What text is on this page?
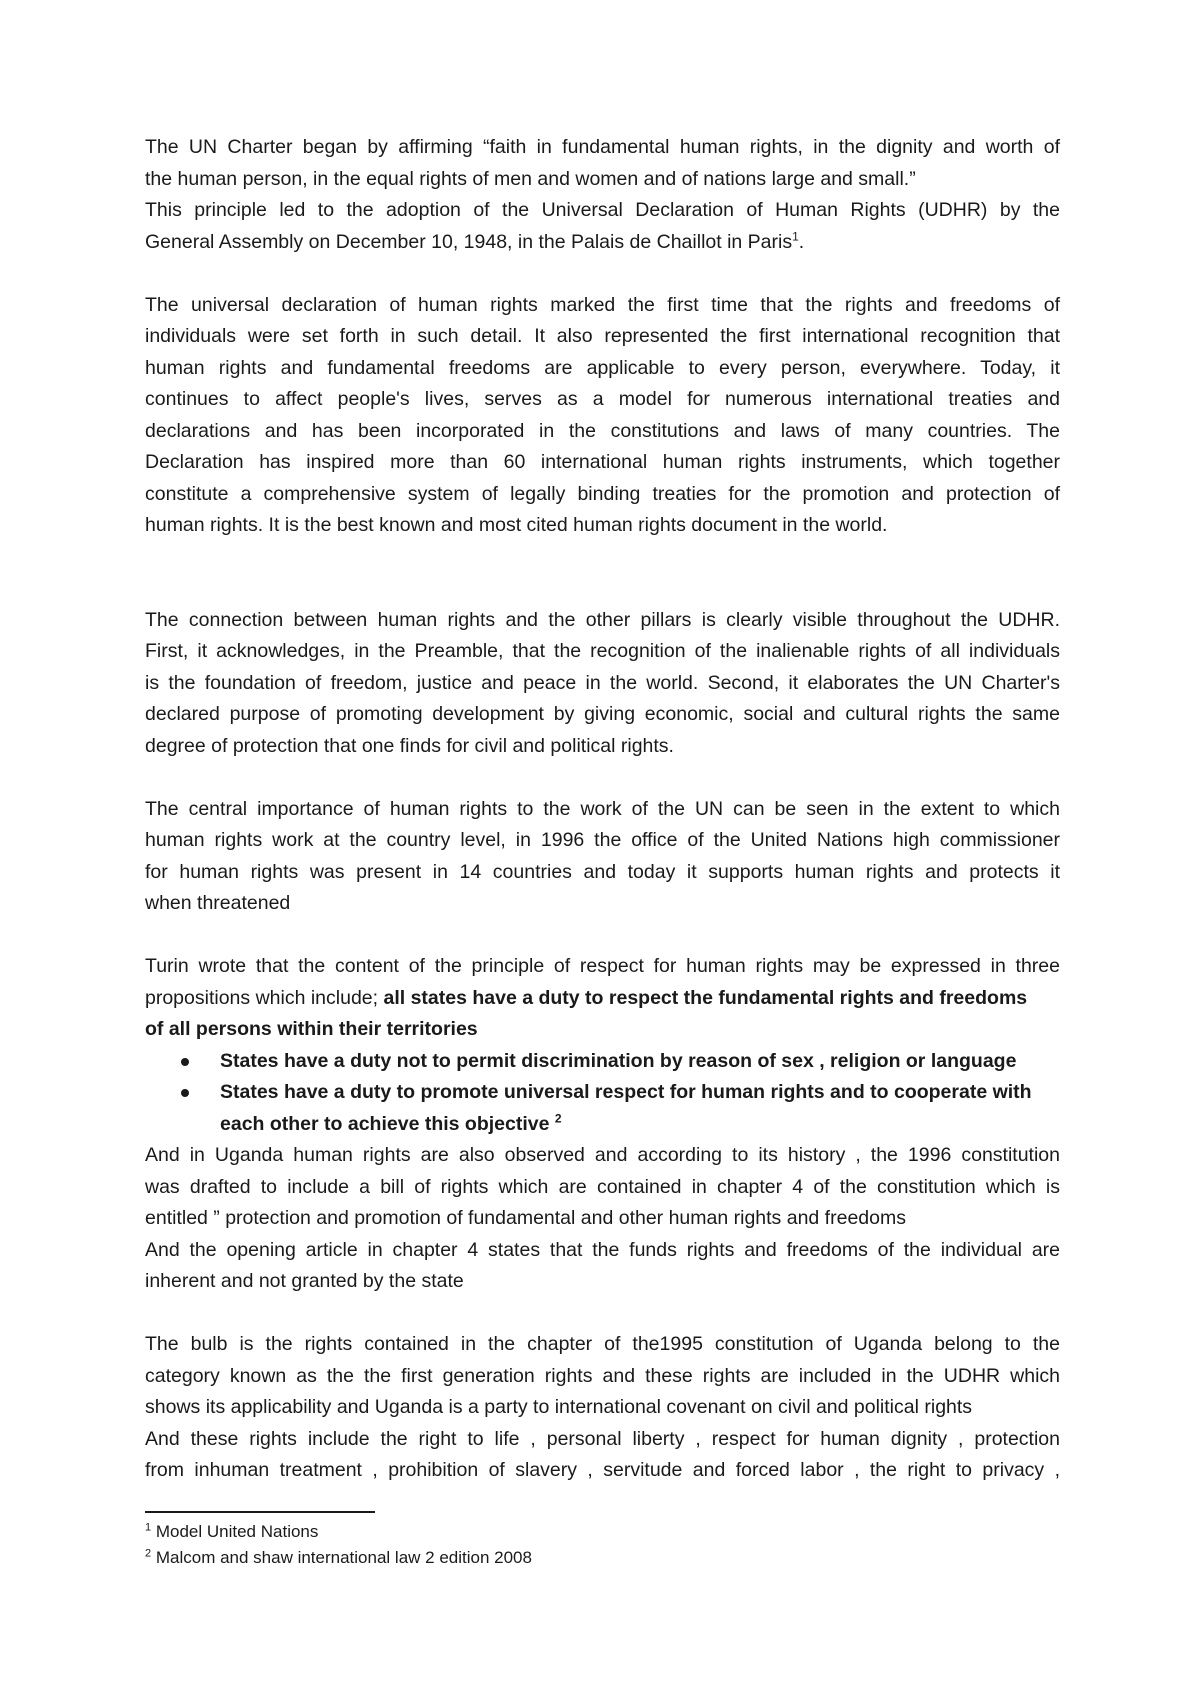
The UN Charter began by affirming “faith in fundamental human rights, in the dignity and worth of

the human person, in the equal rights of men and women and of nations large and small.”

This principle led to the adoption of the Universal Declaration of Human Rights (UDHR) by the

General Assembly on December 10, 1948, in the Palais de Chaillot in Paris$^1$.

The universal declaration of human rights marked the first time that the rights and freedoms of

individuals were set forth in such detail. It also represented the first international recognition that

human rights and fundamental freedoms are applicable to every person, everywhere. Today, it

continues to affect people's lives, serves as a model for numerous international treaties and

declarations and has been incorporated in the constitutions and laws of many countries. The

Declaration has inspired more than 60 international human rights instruments, which together

constitute a comprehensive system of legally binding treaties for the promotion and protection of

human rights. It is the best known and most cited human rights document in the world.

The connection between human rights and the other pillars is clearly visible throughout the UDHR.

First, it acknowledges, in the Preamble, that the recognition of the inalienable rights of all individuals

is the foundation of freedom, justice and peace in the world. Second, it elaborates the UN Charter's

declared purpose of promoting development by giving economic, social and cultural rights the same

degree of protection that one finds for civil and political rights.

The central importance of human rights to the work of the UN can be seen in the extent to which

human rights work at the country level, in 1996 the office of the United Nations high commissioner

for human rights was present in 14 countries and today it supports human rights and protects it

when threatened

Turin wrote that the content of the principle of respect for human rights may be expressed in three

propositions which include; all states have a duty to respect the fundamental rights and freedoms

of all persons within their territories

States have a duty not to permit discrimination by reason of sex , religion or language
States have a duty to promote universal respect for human rights and to cooperate with
each other to achieve this objective $^2$

And in Uganda human rights are also observed and according to its history , the 1996 constitution

was drafted to include a bill of rights which are contained in chapter 4 of the constitution which is

entitled ” protection and promotion of fundamental and other human rights and freedoms

And the opening article in chapter 4 states that the funds rights and freedoms of the individual are

inherent and not granted by the state

The bulb is the rights contained in the chapter of the1995 constitution of Uganda belong to the

category known as the the first generation rights and these rights are included in the UDHR which

shows its applicability and Uganda is a party to international covenant on civil and political rights

And these rights include the right to life , personal liberty , respect for human dignity , protection

from inhuman treatment , prohibition of slavery , servitude and forced labor , the right to privacy ,

$^1$ Model United Nations
$^2$ Malcom and shaw international law 2 edition 2008
